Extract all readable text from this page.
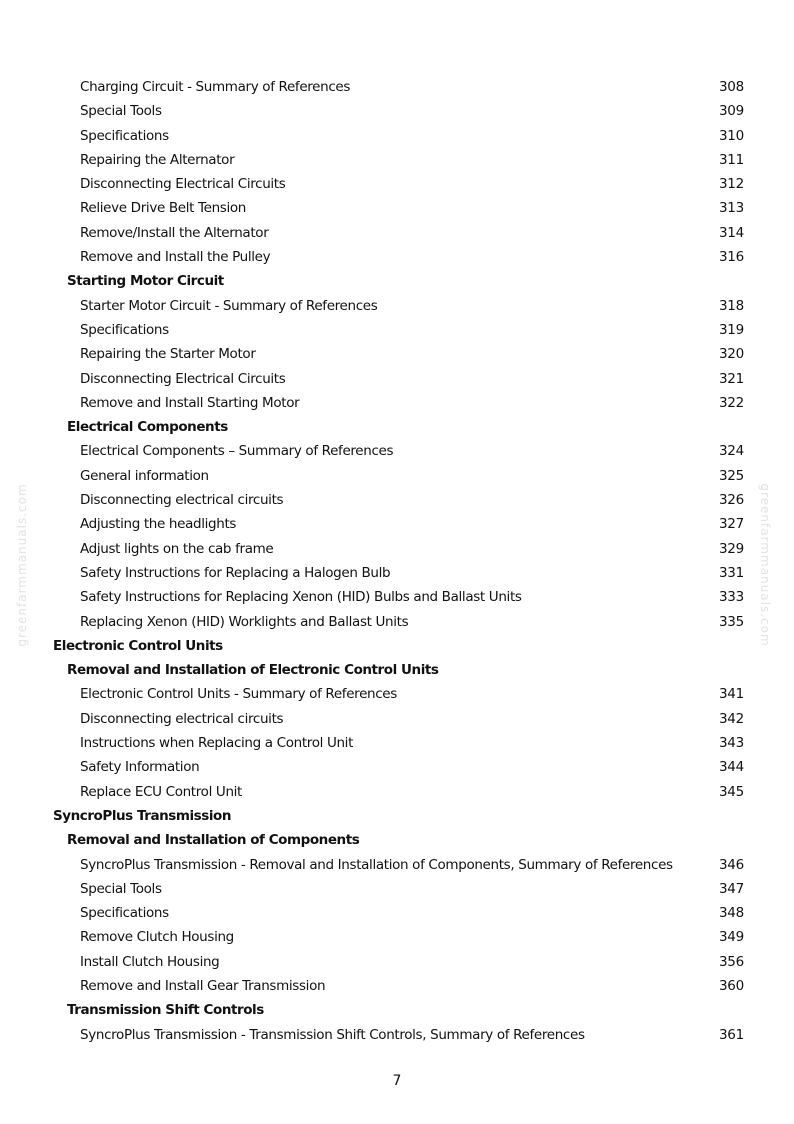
greenfarmmanuals.com	greenfarmmanuals.com
Charging Circuit - Summary of References	308
Special Tools	309
Specifications	310
Repairing the Alternator	311
Disconnecting Electrical Circuits	312
Relieve Drive Belt Tension	313
Remove/Install the Alternator	314
Remove and Install the Pulley	316
Starting Motor Circuit
Starter Motor Circuit - Summary of References	318
Specifications	319
Repairing the Starter Motor	320
Disconnecting Electrical Circuits	321
Remove and Install Starting Motor	322
Electrical Components
Electrical Components – Summary of References	324
General information	325
Disconnecting electrical circuits	326
Adjusting the headlights	327
Adjust lights on the cab frame	329
Safety Instructions for Replacing a Halogen Bulb	331
Safety Instructions for Replacing Xenon (HID) Bulbs and Ballast Units	333
Replacing Xenon (HID) Worklights and Ballast Units	335
Electronic Control Units
Removal and Installation of Electronic Control Units
Electronic Control Units - Summary of References	341
Disconnecting electrical circuits	342
Instructions when Replacing a Control Unit	343
Safety Information	344
Replace ECU Control Unit	345
SyncroPlus Transmission
Removal and Installation of Components
SyncroPlus Transmission - Removal and Installation of Components, Summary of References	346
Special Tools	347
Specifications	348
Remove Clutch Housing	349
Install Clutch Housing	356
Remove and Install Gear Transmission	360
Transmission Shift Controls
SyncroPlus Transmission - Transmission Shift Controls, Summary of References	361
7
